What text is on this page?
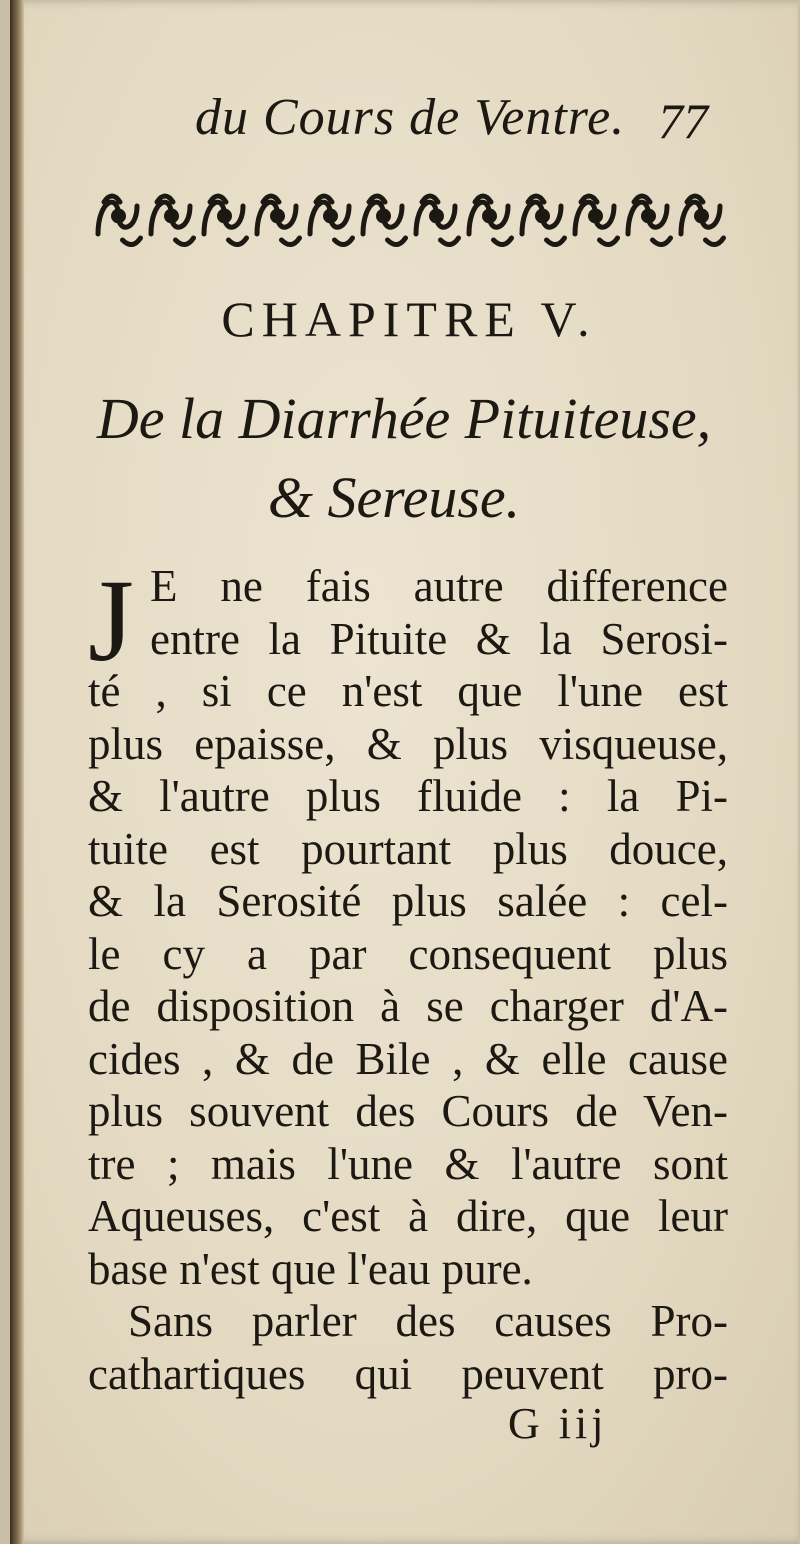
du Cours de Ventre. 77
CHAPITRE V.
De la Diarrhée Pituiteuse,
& Sereuse.
J E ne fais autre difference
entre la Pituite & la Serosi-
té , si ce n'est que l'une est
plus epaisse, & plus visqueuse,
& l'autre plus fluide : la Pi-
tuite est pourtant plus douce,
& la Serosité plus salée : cel-
le cy a par consequent plus
de disposition à se charger d'A-
cides , & de Bile , & elle cause
plus souvent des Cours de Ven-
tre ; mais l'une & l'autre sont
Aqueuses, c'est à dire, que leur
base n'est que l'eau pure.
Sans parler des causes Pro-
cathartiques qui peuvent pro-
G iij
